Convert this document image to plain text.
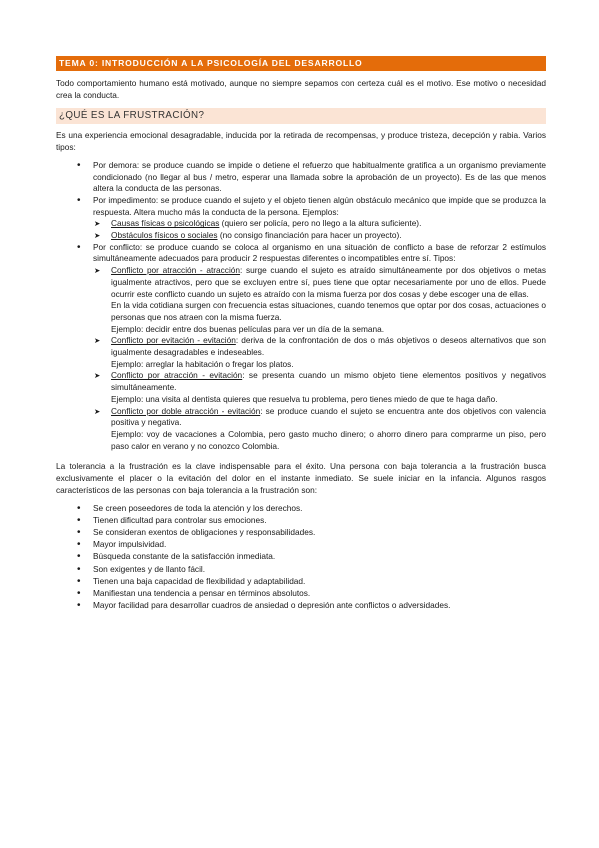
TEMA 0: INTRODUCCIÓN A LA PSICOLOGÍA DEL DESARROLLO

Todo comportamiento humano está motivado, aunque no siempre sepamos con certeza cuál es el motivo. Ese motivo o necesidad crea la conducta.

¿QUÉ ES LA FRUSTRACIÓN?

Es una experiencia emocional desagradable, inducida por la retirada de recompensas, y produce tristeza, decepción y rabia. Varios tipos:

• Por demora: se produce cuando se impide o detiene el refuerzo que habitualmente gratifica a un organismo previamente condicionado (no llegar al bus / metro, esperar una llamada sobre la aprobación de un proyecto). Es de las que menos altera la conducta de las personas.
• Por impedimento: se produce cuando el sujeto y el objeto tienen algún obstáculo mecánico que impide que se produzca la respuesta. Altera mucho más la conducta de la persona. Ejemplos:
➤ Causas físicas o psicológicas (quiero ser policía, pero no llego a la altura suficiente).
➤ Obstáculos físicos o sociales (no consigo financiación para hacer un proyecto).
• Por conflicto: se produce cuando se coloca al organismo en una situación de conflicto a base de reforzar 2 estímulos simultáneamente adecuados para producir 2 respuestas diferentes o incompatibles entre sí. Tipos:
➤ Conflicto por atracción - atracción: surge cuando el sujeto es atraído simultáneamente por dos objetivos o metas igualmente atractivos, pero que se excluyen entre sí, pues tiene que optar necesariamente por uno de ellos. Puede ocurrir este conflicto cuando un sujeto es atraído con la misma fuerza por dos cosas y debe escoger una de ellas.
En la vida cotidiana surgen con frecuencia estas situaciones, cuando tenemos que optar por dos cosas, actuaciones o personas que nos atraen con la misma fuerza.
Ejemplo: decidir entre dos buenas películas para ver un día de la semana.
➤ Conflicto por evitación - evitación: deriva de la confrontación de dos o más objetivos o deseos alternativos que son igualmente desagradables e indeseables.
Ejemplo: arreglar la habitación o fregar los platos.
➤ Conflicto por atracción - evitación: se presenta cuando un mismo objeto tiene elementos positivos y negativos simultáneamente.
Ejemplo: una visita al dentista quieres que resuelva tu problema, pero tienes miedo de que te haga daño.
➤ Conflicto por doble atracción - evitación: se produce cuando el sujeto se encuentra ante dos objetivos con valencia positiva y negativa.
Ejemplo: voy de vacaciones a Colombia, pero gasto mucho dinero; o ahorro dinero para comprarme un piso, pero paso calor en verano y no conozco Colombia.

La tolerancia a la frustración es la clave indispensable para el éxito. Una persona con baja tolerancia a la frustración busca exclusivamente el placer o la evitación del dolor en el instante inmediato. Se suele iniciar en la infancia. Algunos rasgos característicos de las personas con baja tolerancia a la frustración son:

• Se creen poseedores de toda la atención y los derechos.
• Tienen dificultad para controlar sus emociones.
• Se consideran exentos de obligaciones y responsabilidades.
• Mayor impulsividad.
• Búsqueda constante de la satisfacción inmediata.
• Son exigentes y de llanto fácil.
• Tienen una baja capacidad de flexibilidad y adaptabilidad.
• Manifiestan una tendencia a pensar en términos absolutos.
• Mayor facilidad para desarrollar cuadros de ansiedad o depresión ante conflictos o adversidades.
